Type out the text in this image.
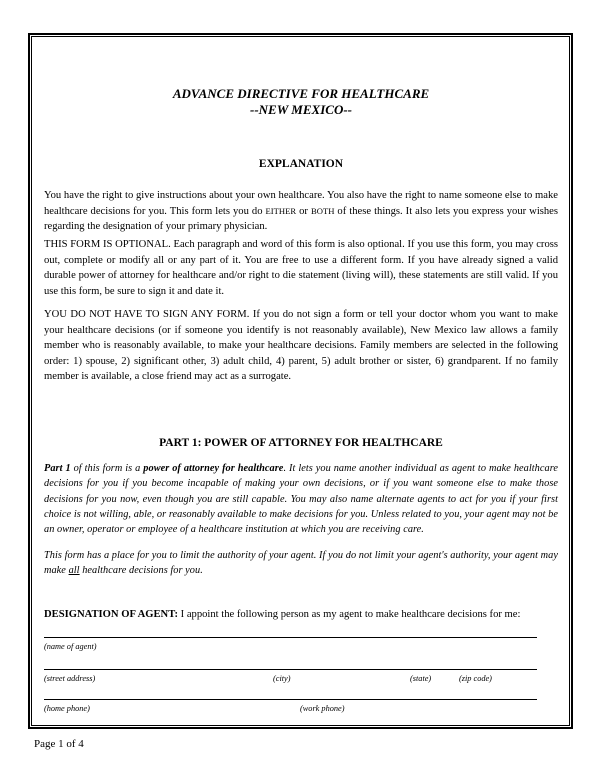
ADVANCE DIRECTIVE FOR HEALTHCARE
--NEW MEXICO--
EXPLANATION

You have the right to give instructions about your own healthcare. You also have the right to name someone else to make healthcare decisions for you. This form lets you do EITHER or BOTH of these things. It also lets you express your wishes regarding the designation of your primary physician.

THIS FORM IS OPTIONAL. Each paragraph and word of this form is also optional. If you use this form, you may cross out, complete or modify all or any part of it. You are free to use a different form. If you have already signed a valid durable power of attorney for healthcare and/or right to die statement (living will), these statements are still valid. If you use this form, be sure to sign it and date it.

YOU DO NOT HAVE TO SIGN ANY FORM. If you do not sign a form or tell your doctor whom you want to make your healthcare decisions (or if someone you identify is not reasonably available), New Mexico law allows a family member who is reasonably available, to make your healthcare decisions. Family members are selected in the following order: 1) spouse, 2) significant other, 3) adult child, 4) parent, 5) adult brother or sister, 6) grandparent. If no family member is available, a close friend may act as a surrogate.

PART 1: POWER OF ATTORNEY FOR HEALTHCARE

Part 1 of this form is a power of attorney for healthcare. It lets you name another individual as agent to make healthcare decisions for you if you become incapable of making your own decisions, or if you want someone else to make those decisions for you now, even though you are still capable. You may also name alternate agents to act for you if your first choice is not willing, able, or reasonably available to make decisions for you. Unless related to you, your agent may not be an owner, operator or employee of a healthcare institution at which you are receiving care.

This form has a place for you to limit the authority of your agent. If you do not limit your agent's authority, your agent may make all healthcare decisions for you.

DESIGNATION OF AGENT: I appoint the following person as my agent to make healthcare decisions for me:
(name of agent)
(street address)	(city)	(state)	(zip code)
(home phone)	(work phone)
Page 1 of 4
